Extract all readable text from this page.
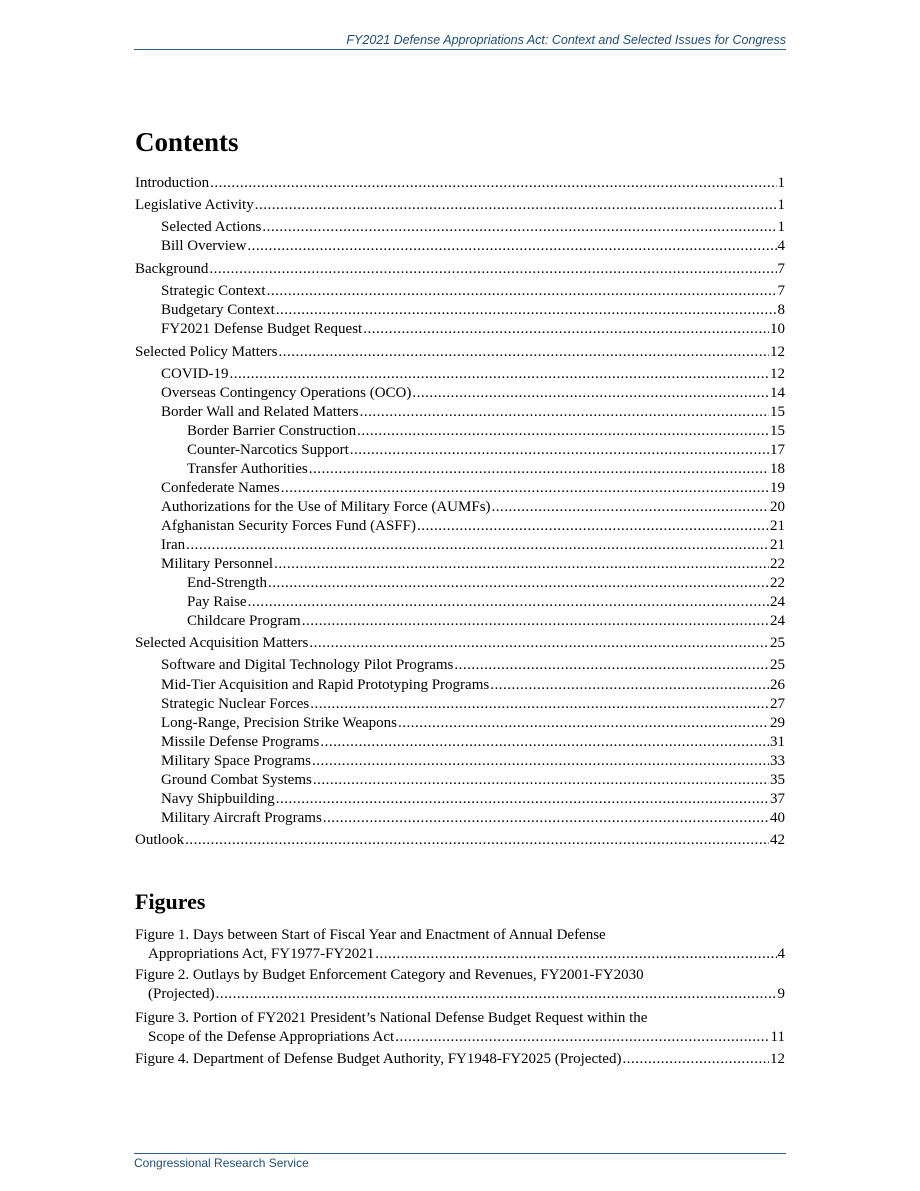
FY2021 Defense Appropriations Act: Context and Selected Issues for Congress
Contents
Introduction .....	1
Legislative Activity .....	1
Selected Actions .....	1
Bill Overview .....	4
Background .....	7
Strategic Context .....	7
Budgetary Context .....	8
FY2021 Defense Budget Request .....	10
Selected Policy Matters .....	12
COVID-19 .....	12
Overseas Contingency Operations (OCO) .....	14
Border Wall and Related Matters .....	15
Border Barrier Construction .....	15
Counter-Narcotics Support .....	17
Transfer Authorities .....	18
Confederate Names .....	19
Authorizations for the Use of Military Force (AUMFs) .....	20
Afghanistan Security Forces Fund (ASFF) .....	21
Iran .....	21
Military Personnel .....	22
End-Strength .....	22
Pay Raise .....	24
Childcare Program .....	24
Selected Acquisition Matters .....	25
Software and Digital Technology Pilot Programs .....	25
Mid-Tier Acquisition and Rapid Prototyping Programs .....	26
Strategic Nuclear Forces .....	27
Long-Range, Precision Strike Weapons .....	29
Missile Defense Programs .....	31
Military Space Programs .....	33
Ground Combat Systems .....	35
Navy Shipbuilding .....	37
Military Aircraft Programs .....	40
Outlook .....	42
Figures
Figure 1. Days between Start of Fiscal Year and Enactment of Annual Defense
Appropriations Act, FY1977-FY2021 .....	4
Figure 2. Outlays by Budget Enforcement Category and Revenues, FY2001-FY2030
(Projected) .....	9
Figure 3. Portion of FY2021 President’s National Defense Budget Request within the
Scope of the Defense Appropriations Act .....	11
Figure 4. Department of Defense Budget Authority, FY1948-FY2025 (Projected) .....	12
Congressional Research Service
